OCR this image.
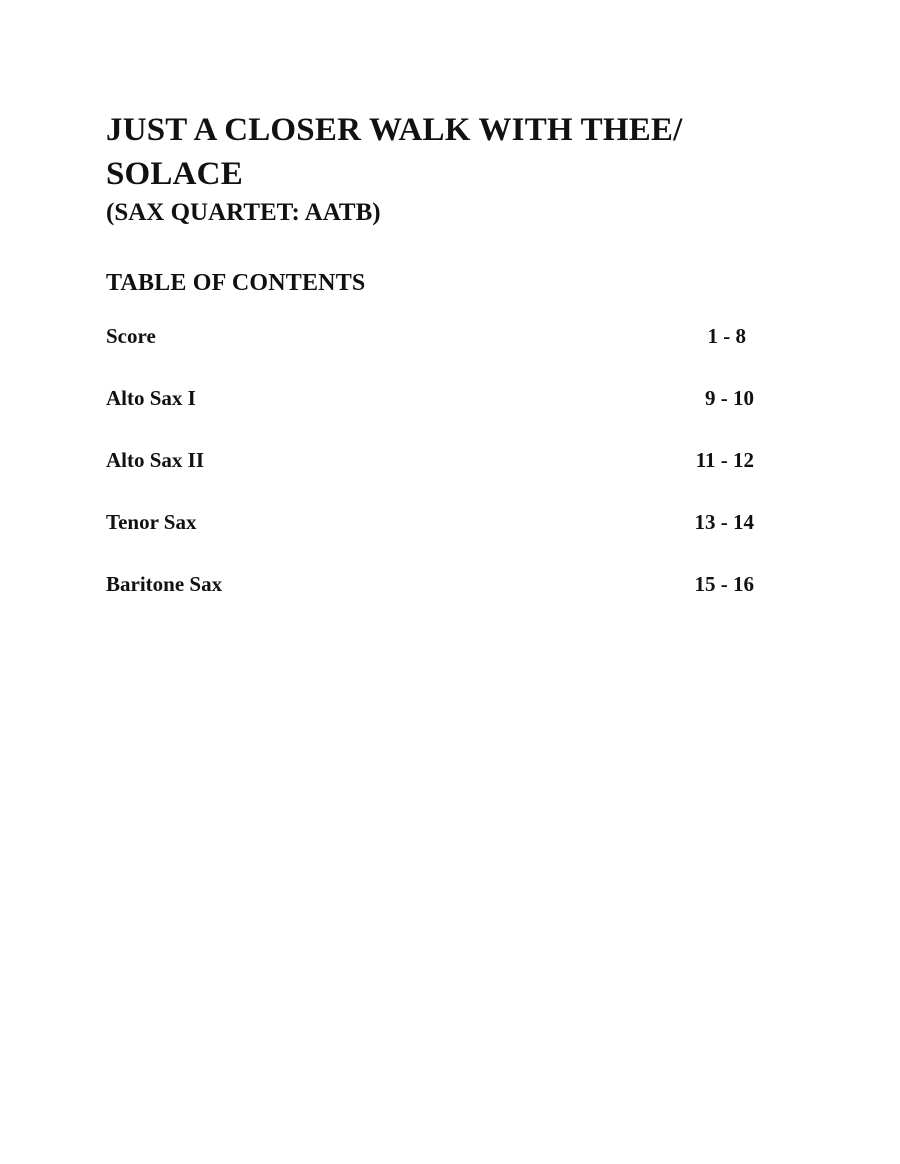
JUST A CLOSER WALK WITH THEE/
SOLACE
(SAX QUARTET: AATB)
TABLE OF CONTENTS
Score	1 - 8
Alto Sax I	9 - 10
Alto Sax II	11 - 12
Tenor Sax	13 - 14
Baritone Sax	15 - 16
